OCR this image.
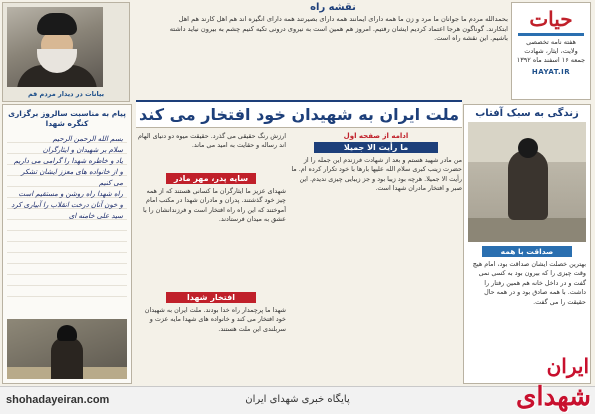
حیات
هفته نامه تخصصی
ولایت، ایثار، شهادت
جمعه ۱۶ اسفند ماه ۱۳۹۲
HAYAT.IR
نقشه راه

بحمدالله مردم ما جوانان ما مرد و زن ما همه دارای ایمانند همه دارای بصیرتند همه دارای انگیزه اند هم اهل کارند هم اهل ابتکارند. گوناگون هرجا اعتماد کردیم ایشان رفتیم. امروز هم همین است به نیروی درونی تکیه کنیم چشم به بیرون نیاید داشته باشیم. این نقشه راه است.

بیانات در دیدار مردم قم
ملت ایران به شهیدان خود افتخار می کند	زندگی به سبک آفتاب
صداقت با همه

بهترین خصلت ایشان صداقت بود، امام هیچ وقت چیزی را که بیرون بود به کسی نمی گفت و در داخل خانه هم همین رفتار را داشت. با همه صادق بود و در همه حال حقیقت را می گفت.

ادامه از صفحه اول
ما رأيت الا جميلا

من مادر شهید هستم و بعد از شهادت فرزندم این جمله را از حضرت زینب کبری سلام الله علیها بارها با خود تکرار کرده ام. ما رأيت الا جميلا. هرچه بود زیبا بود و جز زیبایی چیزی ندیدم. این صبر و افتخار مادران شهدا است.

ارزش رنگ حقیقی می گذرد. حقیقت میوه دو دنیای الهام اند رساله و حقایت به امید می ماند.

سایه پدر، مهر مادر

شهدای عزیز ما ایثارگران ما کسانی هستند که از همه چیز خود گذشتند. پدران و مادران شهدا در مکتب امام آموختند که این راه راه افتخار است و فرزندانشان را با عشق به میدان فرستادند.

افتخار شهدا

شهدا ما پرچمدار راه خدا بودند. ملت ایران به شهیدان خود افتخار می کند و خانواده های شهدا مایه عزت و سربلندی این ملت هستند.

پیام به مناسبت سالروز برگزاری کنگره شهدا

بسم الله الرحمن الرحیم
سلام بر شهیدان و ایثارگران
یاد و خاطره شهدا را گرامی می داریم
و از خانواده های معزز ایشان تشکر می کنیم
راه شهدا راه روشن و مستقیم است
و خون آنان درخت انقلاب را آبیاری کرد
سید علی خامنه ای

shohadayeiran.com	پایگاه خبری شهدای ایران
ایران
شهدای
